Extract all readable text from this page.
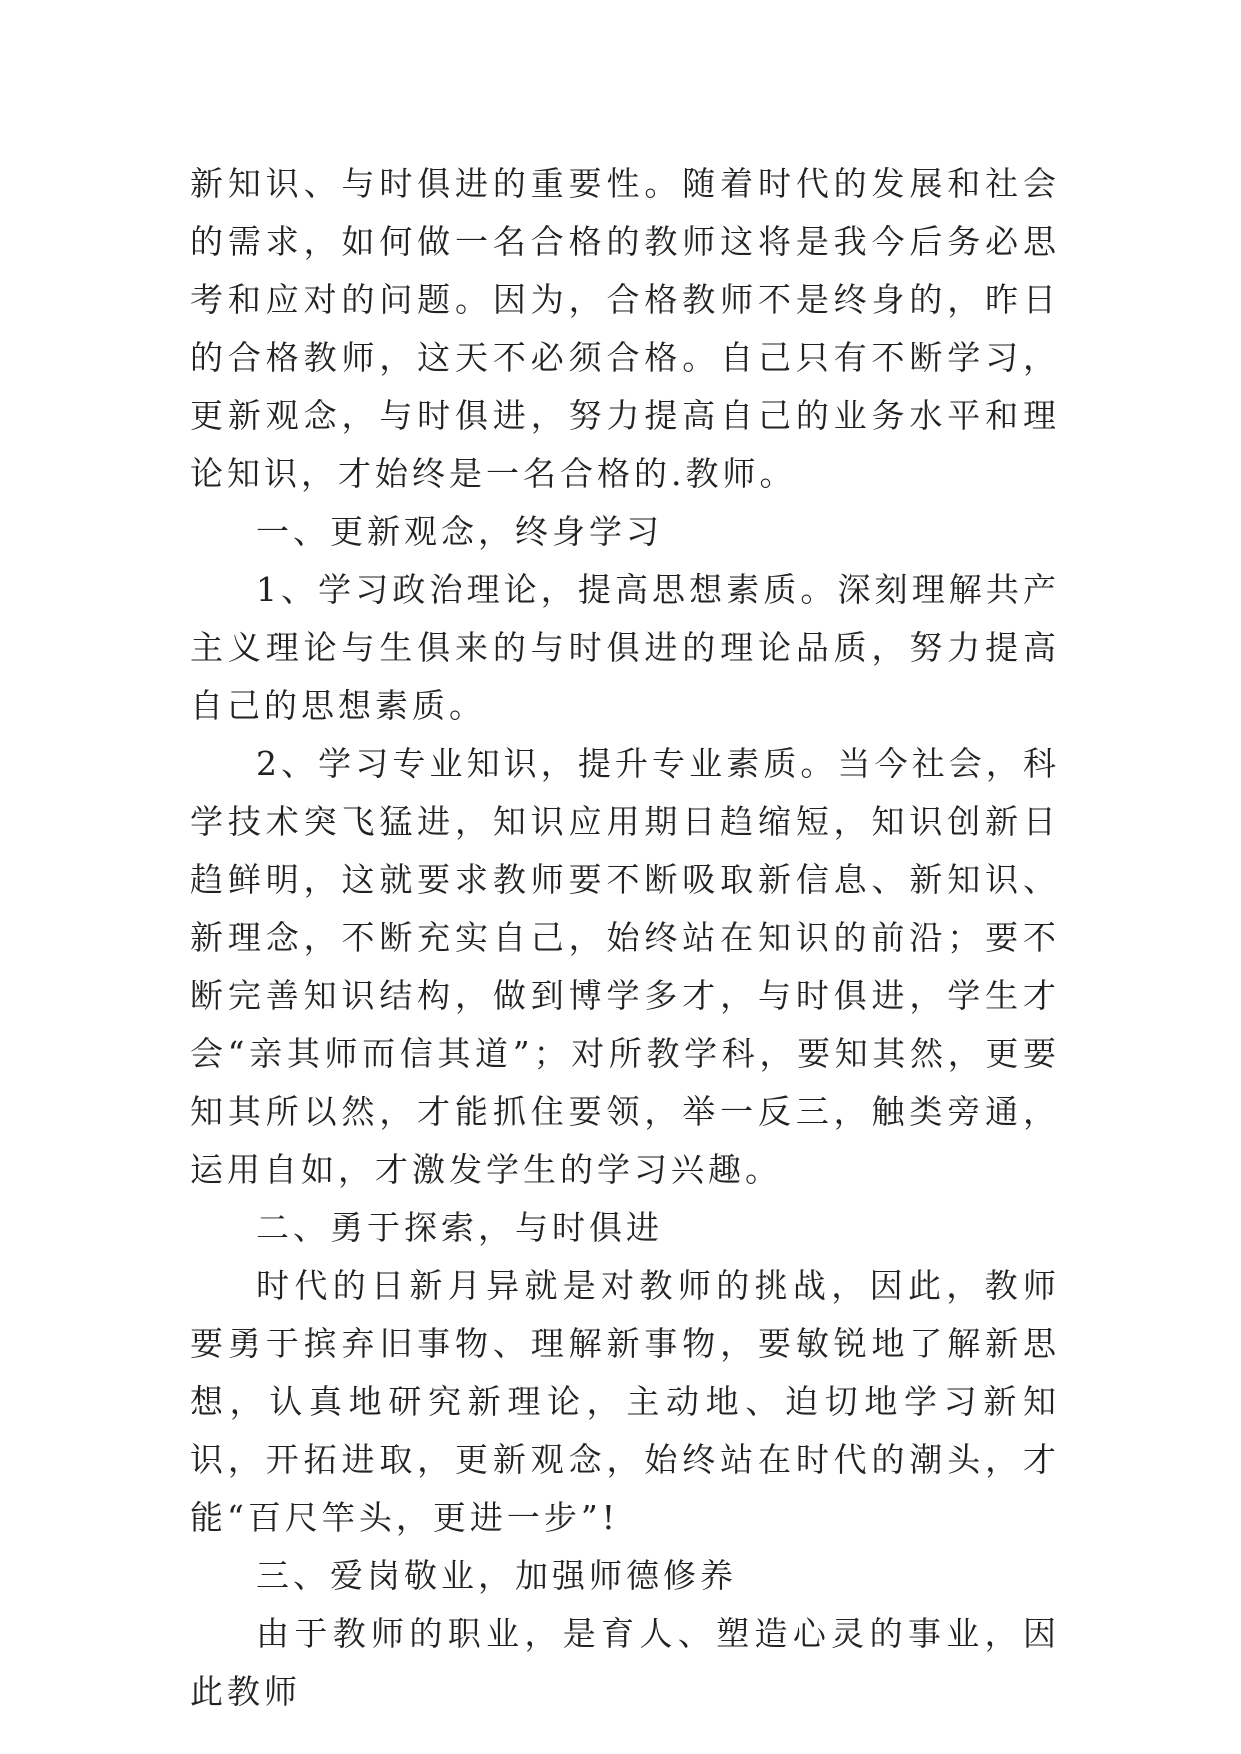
新知识、与时俱进的重要性。随着时代的发展和社会的需求，如何做一名合格的教师这将是我今后务必思考和应对的问题。因为，合格教师不是终身的，昨日的合格教师，这天不必须合格。自己只有不断学习，更新观念，与时俱进，努力提高自己的业务水平和理论知识，才始终是一名合格的.教师。

一、更新观念，终身学习

1、学习政治理论，提高思想素质。深刻理解共产主义理论与生俱来的与时俱进的理论品质，努力提高自己的思想素质。

2、学习专业知识，提升专业素质。当今社会，科学技术突飞猛进，知识应用期日趋缩短，知识创新日趋鲜明，这就要求教师要不断吸取新信息、新知识、新理念，不断充实自己，始终站在知识的前沿；要不断完善知识结构，做到博学多才，与时俱进，学生才会“亲其师而信其道”；对所教学科，要知其然，更要知其所以然，才能抓住要领，举一反三，触类旁通，运用自如，才激发学生的学习兴趣。

二、勇于探索，与时俱进

时代的日新月异就是对教师的挑战，因此，教师要勇于摈弃旧事物、理解新事物，要敏锐地了解新思想，认真地研究新理论，主动地、迫切地学习新知识，开拓进取，更新观念，始终站在时代的潮头，才能“百尺竿头，更进一步”!

三、爱岗敬业，加强师德修养

由于教师的职业，是育人、塑造心灵的事业，因此教师
